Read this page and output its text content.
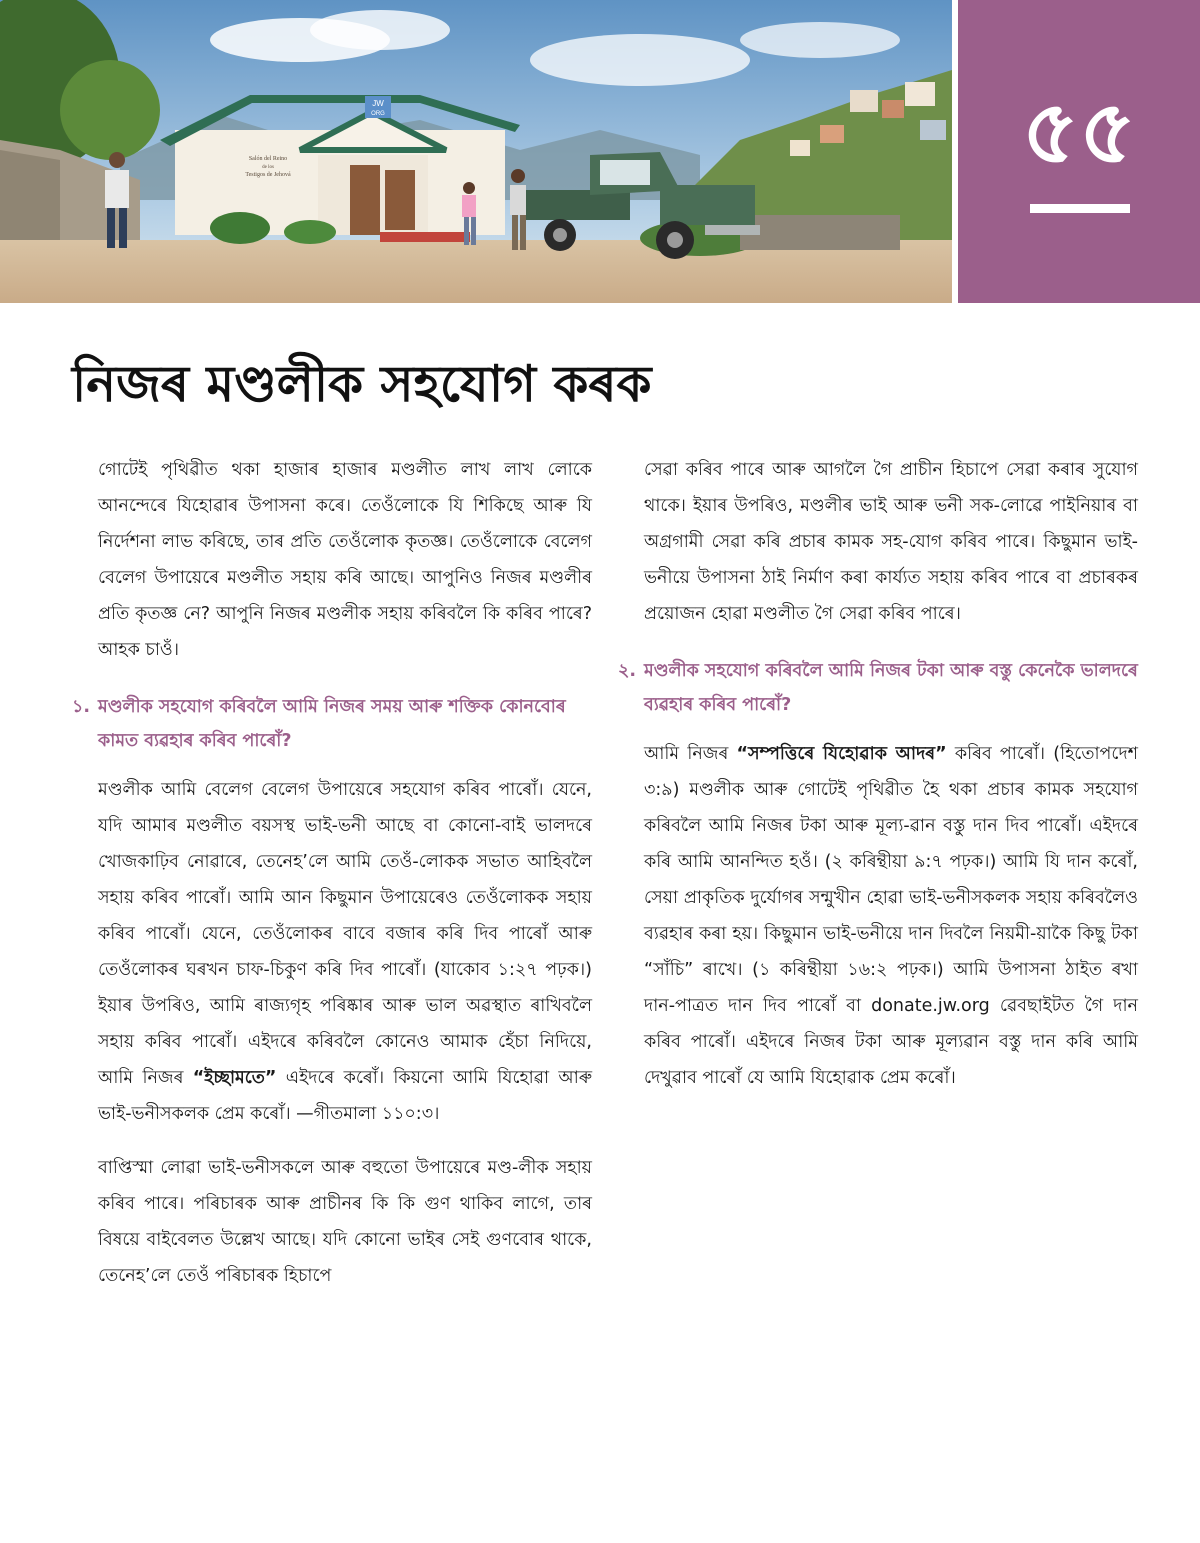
JW
ORG
Salón del Reino
de los
Testigos de Jehová	৫৫
নিজৰ মণ্ডলীক সহযোগ কৰক

গোটেই পৃথিৱীত থকা হাজাৰ হাজাৰ মণ্ডলীত লাখ লাখ লোকে আনন্দেৰে যিহোৱাৰ উপাসনা কৰে। তেওঁলোকে যি শিকিছে আৰু যি নিৰ্দেশনা লাভ কৰিছে, তাৰ প্ৰতি তেওঁলোক কৃতজ্ঞ। তেওঁলোকে বেলেগ বেলেগ উপায়েৰে মণ্ডলীত সহায় কৰি আছে। আপুনিও নিজৰ মণ্ডলীৰ প্ৰতি কৃতজ্ঞ নে? আপুনি নিজৰ মণ্ডলীক সহায় কৰিবলৈ কি কৰিব পাৰে? আহক চাওঁ।

১. মণ্ডলীক সহযোগ কৰিবলৈ আমি নিজৰ সময় আৰু শক্তিক কোনবোৰ কামত ব্যৱহাৰ কৰিব পাৰোঁ?

মণ্ডলীক আমি বেলেগ বেলেগ উপায়েৰে সহযোগ কৰিব পাৰোঁ। যেনে, যদি আমাৰ মণ্ডলীত বয়সস্থ ভাই-ভনী আছে বা কোনো-বাই ভালদৰে খোজকাঢ়িব নোৱাৰে, তেনেহ’লে আমি তেওঁ-লোকক সভাত আহিবলৈ সহায় কৰিব পাৰোঁ। আমি আন কিছুমান উপায়েৰেও তেওঁলোকক সহায় কৰিব পাৰোঁ। যেনে, তেওঁলোকৰ বাবে বজাৰ কৰি দিব পাৰোঁ আৰু তেওঁলোকৰ ঘৰখন চাফ-চিকুণ কৰি দিব পাৰোঁ। (যাকোব ১:২৭ পঢ়ক।) ইয়াৰ উপৰিও, আমি ৰাজ্যগৃহ পৰিষ্কাৰ আৰু ভাল অৱস্থাত ৰাখিবলৈ সহায় কৰিব পাৰোঁ। এইদৰে কৰিবলৈ কোনেও আমাক হেঁচা নিদিয়ে, আমি নিজৰ “ইচ্ছামতে” এইদৰে কৰোঁ। কিয়নো আমি যিহোৱা আৰু ভাই-ভনীসকলক প্ৰেম কৰোঁ। —গীতমালা ১১০:৩।

বাপ্তিস্মা লোৱা ভাই-ভনীসকলে আৰু বহুতো উপায়েৰে মণ্ড-লীক সহায় কৰিব পাৰে। পৰিচাৰক আৰু প্ৰাচীনৰ কি কি গুণ থাকিব লাগে, তাৰ বিষয়ে বাইবেলত উল্লেখ আছে। যদি কোনো ভাইৰ সেই গুণবোৰ থাকে, তেনেহ’লে তেওঁ পৰিচাৰক হিচাপে

সেৱা কৰিব পাৰে আৰু আগলৈ গৈ প্ৰাচীন হিচাপে সেৱা কৰাৰ সুযোগ থাকে। ইয়াৰ উপৰিও, মণ্ডলীৰ ভাই আৰু ভনী সক-লোৱে পাইনিয়াৰ বা অগ্ৰগামী সেৱা কৰি প্ৰচাৰ কামক সহ-যোগ কৰিব পাৰে। কিছুমান ভাই-ভনীয়ে উপাসনা ঠাই নিৰ্মাণ কৰা কাৰ্য্যত সহায় কৰিব পাৰে বা প্ৰচাৰকৰ প্ৰয়োজন হোৱা মণ্ডলীত গৈ সেৱা কৰিব পাৰে।

২. মণ্ডলীক সহযোগ কৰিবলৈ আমি নিজৰ টকা আৰু বস্তু কেনেকৈ ভালদৰে ব্যৱহাৰ কৰিব পাৰোঁ?

আমি নিজৰ “সম্পত্তিৰে যিহোৱাক আদৰ” কৰিব পাৰোঁ। (হিতোপদেশ ৩:৯) মণ্ডলীক আৰু গোটেই পৃথিৱীত হৈ থকা প্ৰচাৰ কামক সহযোগ কৰিবলৈ আমি নিজৰ টকা আৰু মূল্য-ৱান বস্তু দান দিব পাৰোঁ। এইদৰে কৰি আমি আনন্দিত হওঁ। (২ কৰিন্থীয়া ৯:৭ পঢ়ক।) আমি যি দান কৰোঁ, সেয়া প্ৰাকৃতিক দুৰ্যোগৰ সন্মুখীন হোৱা ভাই-ভনীসকলক সহায় কৰিবলৈও ব্যৱহাৰ কৰা হয়। কিছুমান ভাই-ভনীয়ে দান দিবলৈ নিয়মী-য়াকৈ কিছু টকা “সাঁচি” ৰাখে। (১ কৰিন্থীয়া ১৬:২ পঢ়ক।) আমি উপাসনা ঠাইত ৰখা দান-পাত্ৰত দান দিব পাৰোঁ বা donate.jw.org ৱেবছাইটত গৈ দান কৰিব পাৰোঁ। এইদৰে নিজৰ টকা আৰু মূল্যৱান বস্তু দান কৰি আমি দেখুৱাব পাৰোঁ যে আমি যিহোৱাক প্ৰেম কৰোঁ।
